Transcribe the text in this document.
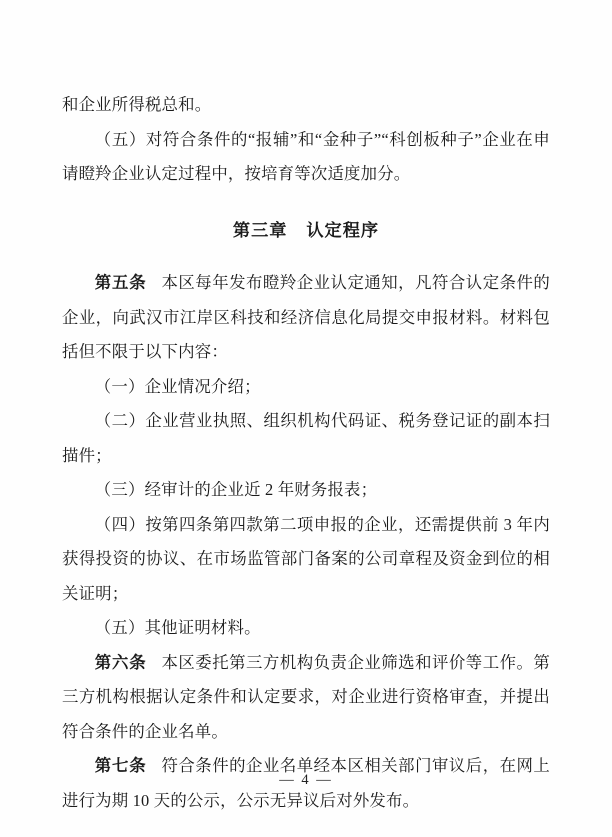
和企业所得税总和。

（五）对符合条件的“报辅”和“金种子”“科创板种子”企业在申请瞪羚企业认定过程中，按培育等次适度加分。

第三章 认定程序

第五条 本区每年发布瞪羚企业认定通知，凡符合认定条件的企业，向武汉市江岸区科技和经济信息化局提交申报材料。材料包括但不限于以下内容：

（一）企业情况介绍；

（二）企业营业执照、组织机构代码证、税务登记证的副本扫描件；

（三）经审计的企业近 2 年财务报表；

（四）按第四条第四款第二项申报的企业，还需提供前 3 年内获得投资的协议、在市场监管部门备案的公司章程及资金到位的相关证明；

（五）其他证明材料。

第六条 本区委托第三方机构负责企业筛选和评价等工作。第三方机构根据认定条件和认定要求，对企业进行资格审查，并提出符合条件的企业名单。

第七条 符合条件的企业名单经本区相关部门审议后，在网上进行为期 10 天的公示，公示无异议后对外发布。

— 4 —
